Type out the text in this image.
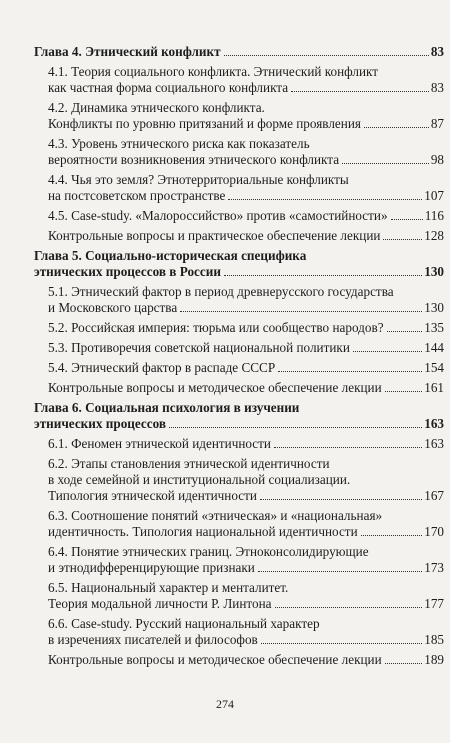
Глава 4. Этнический конфликт	83
4.1. Теория социального конфликта. Этнический конфликт
как частная форма социального конфликта	83
4.2. Динамика этнического конфликта.
Конфликты по уровню притязаний и форме проявления	87
4.3. Уровень этнического риска как показатель
вероятности возникновения этнического конфликта	98
4.4. Чья это земля? Этнотерриториальные конфликты
на постсоветском пространстве	107
4.5. Case-study. «Малороссийство» против «самостийности»	116
Контрольные вопросы и практическое обеспечение лекции	128
Глава 5. Социально-историческая специфика
этнических процессов в России	130
5.1. Этнический фактор в период древнерусского государства
и Московского царства	130
5.2. Российская империя: тюрьма или сообщество народов?	135
5.3. Противоречия советской национальной политики	144
5.4. Этнический фактор в распаде СССР	154
Контрольные вопросы и методическое обеспечение лекции	161
Глава 6. Социальная психология в изучении
этнических процессов	163
6.1. Феномен этнической идентичности	163
6.2. Этапы становления этнической идентичности
в ходе семейной и институциональной социализации.
Типология этнической идентичности	167
6.3. Соотношение понятий «этническая» и «национальная»
идентичность. Типология национальной идентичности	170
6.4. Понятие этнических границ. Этноконсолидирующие
и этнодифференцирующие признаки	173
6.5. Национальный характер и менталитет.
Теория модальной личности Р. Линтона	177
6.6. Case-study. Русский национальный характер
в изречениях писателей и философов	185
Контрольные вопросы и методическое обеспечение лекции	189
274
